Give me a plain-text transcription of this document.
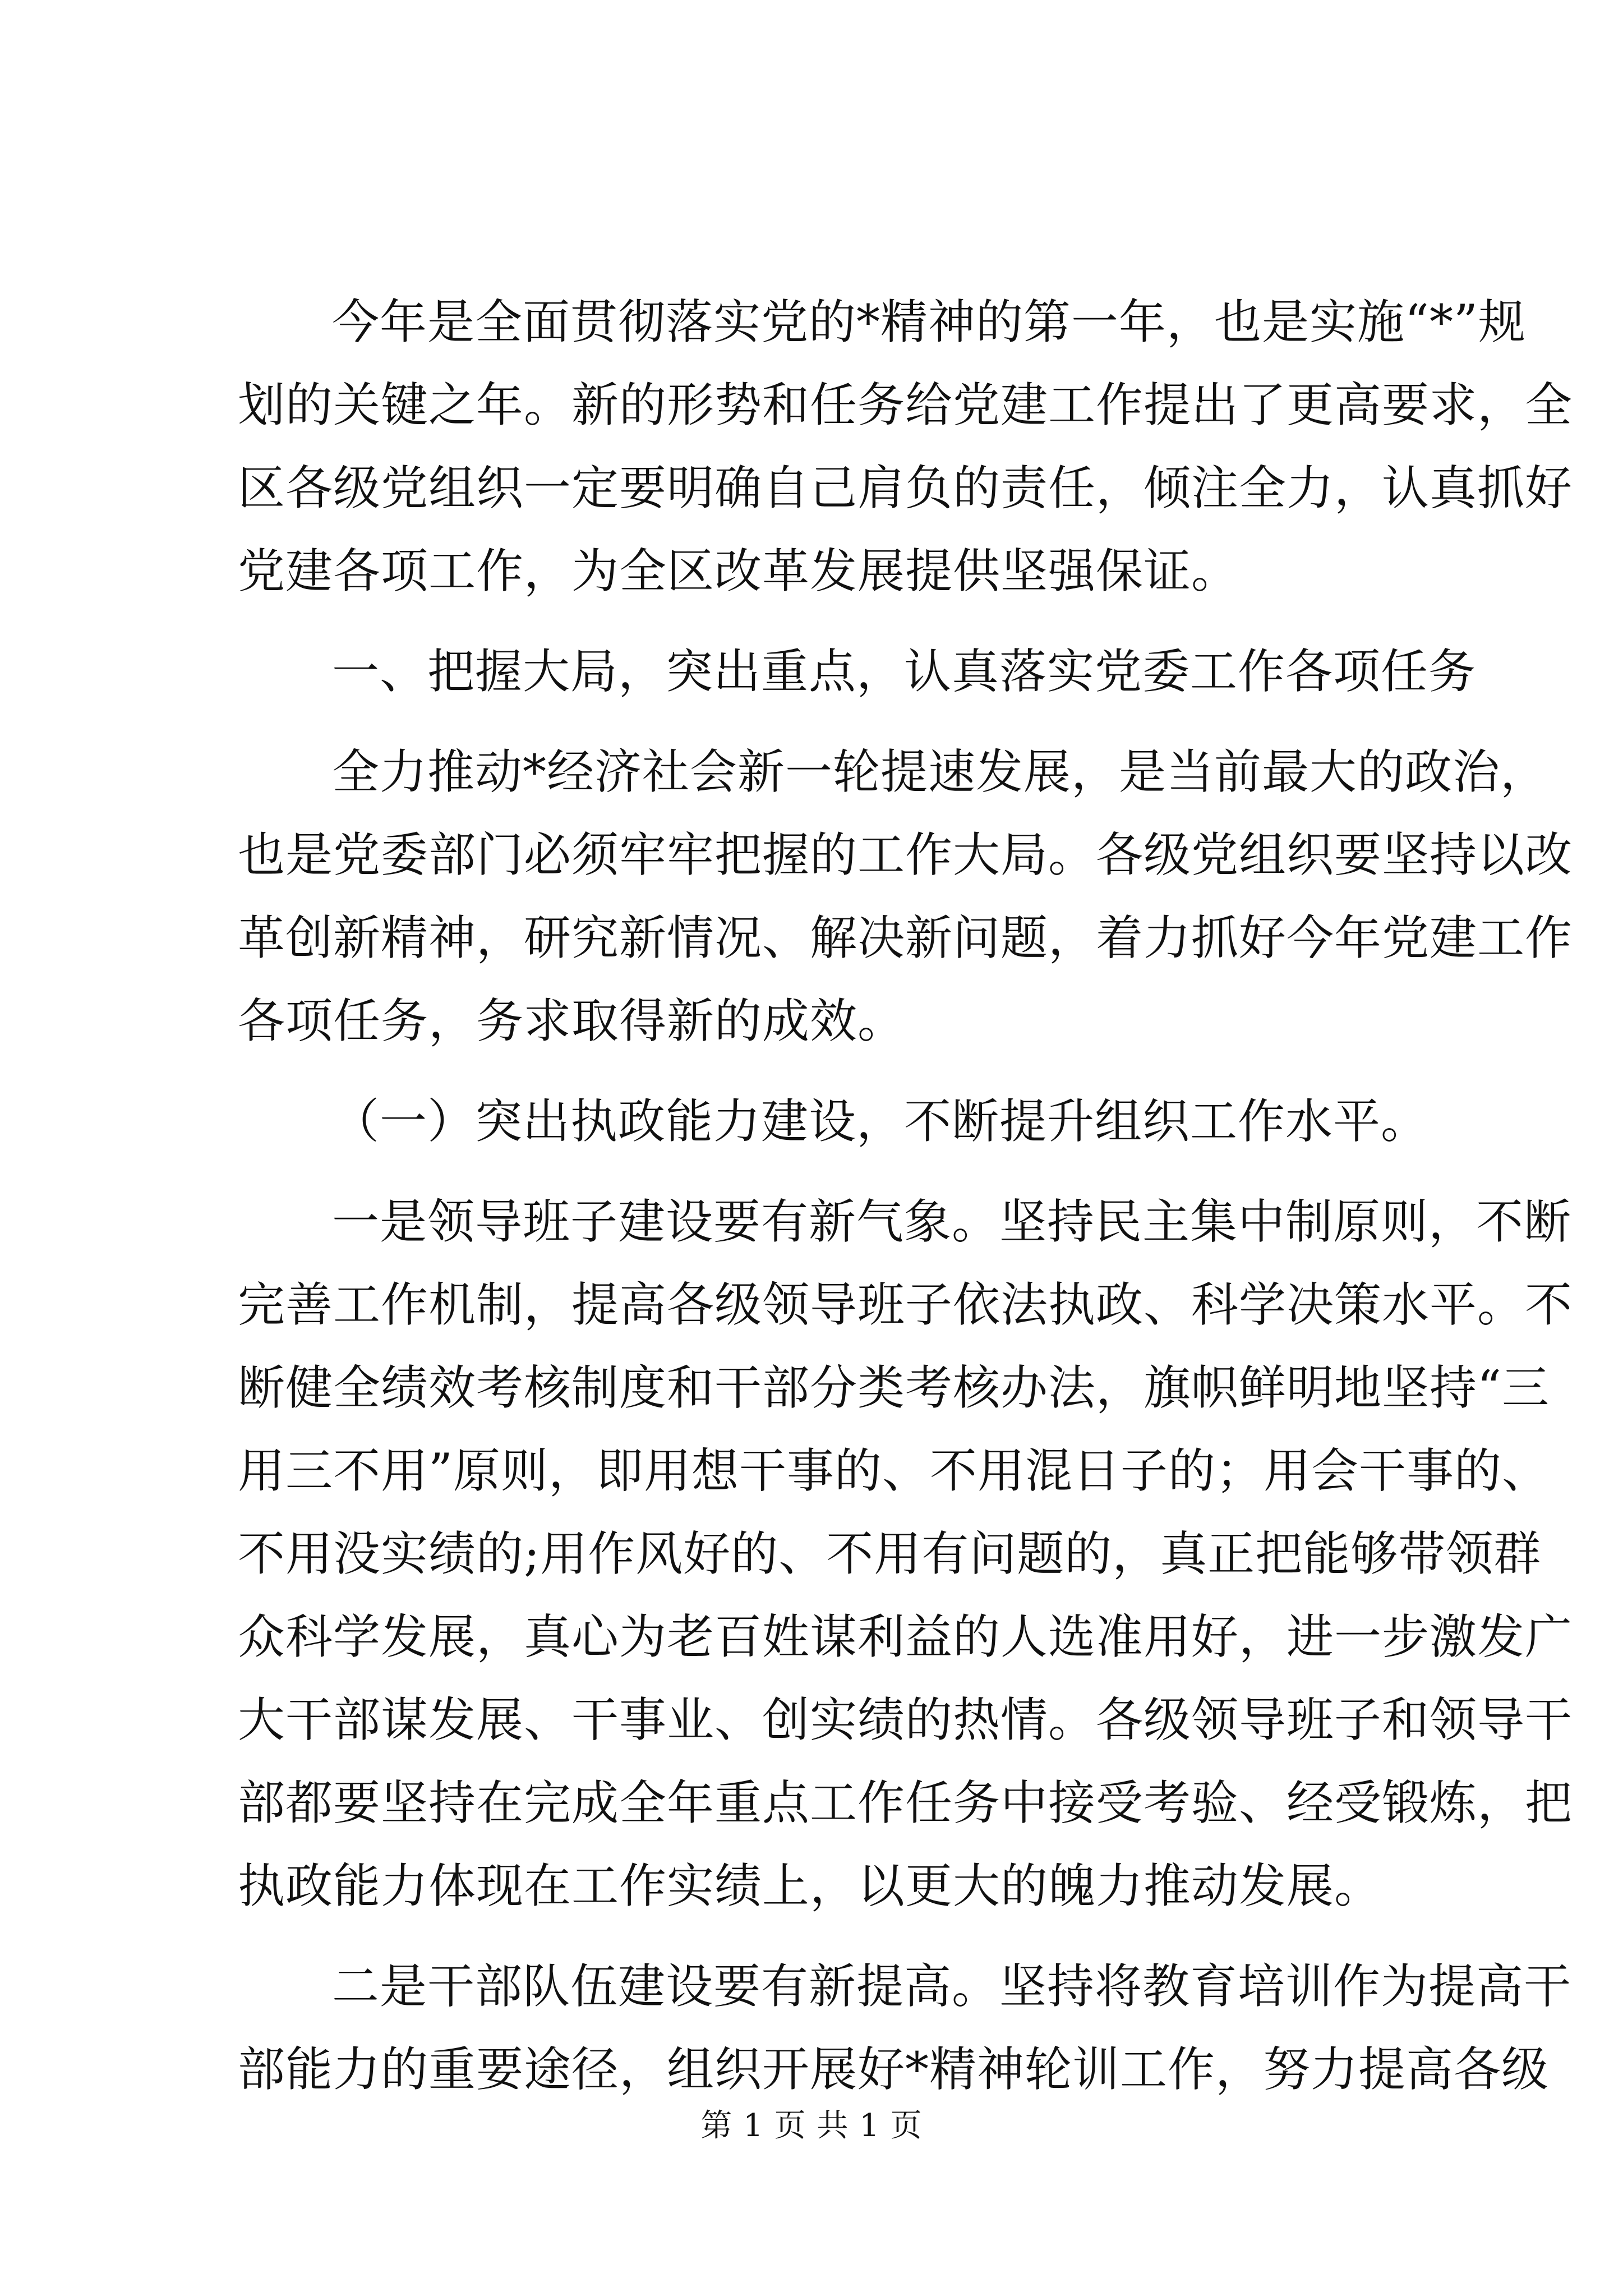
今年是全面贯彻落实党的*精神的第一年，也是实施“*”规
划的关键之年。新的形势和任务给党建工作提出了更高要求，全
区各级党组织一定要明确自己肩负的责任，倾注全力，认真抓好
党建各项工作，为全区改革发展提供坚强保证。

一、把握大局，突出重点，认真落实党委工作各项任务

全力推动*经济社会新一轮提速发展，是当前最大的政治，
也是党委部门必须牢牢把握的工作大局。各级党组织要坚持以改
革创新精神，研究新情况、解决新问题，着力抓好今年党建工作
各项任务，务求取得新的成效。

（一）突出执政能力建设，不断提升组织工作水平。

一是领导班子建设要有新气象。坚持民主集中制原则，不断
完善工作机制，提高各级领导班子依法执政、科学决策水平。不
断健全绩效考核制度和干部分类考核办法，旗帜鲜明地坚持“三
用三不用”原则，即用想干事的、不用混日子的；用会干事的、
不用没实绩的;用作风好的、不用有问题的，真正把能够带领群
众科学发展，真心为老百姓谋利益的人选准用好，进一步激发广
大干部谋发展、干事业、创实绩的热情。各级领导班子和领导干
部都要坚持在完成全年重点工作任务中接受考验、经受锻炼，把
执政能力体现在工作实绩上，以更大的魄力推动发展。

二是干部队伍建设要有新提高。坚持将教育培训作为提高干
部能力的重要途径，组织开展好*精神轮训工作，努力提高各级

第 1 页 共 1 页
